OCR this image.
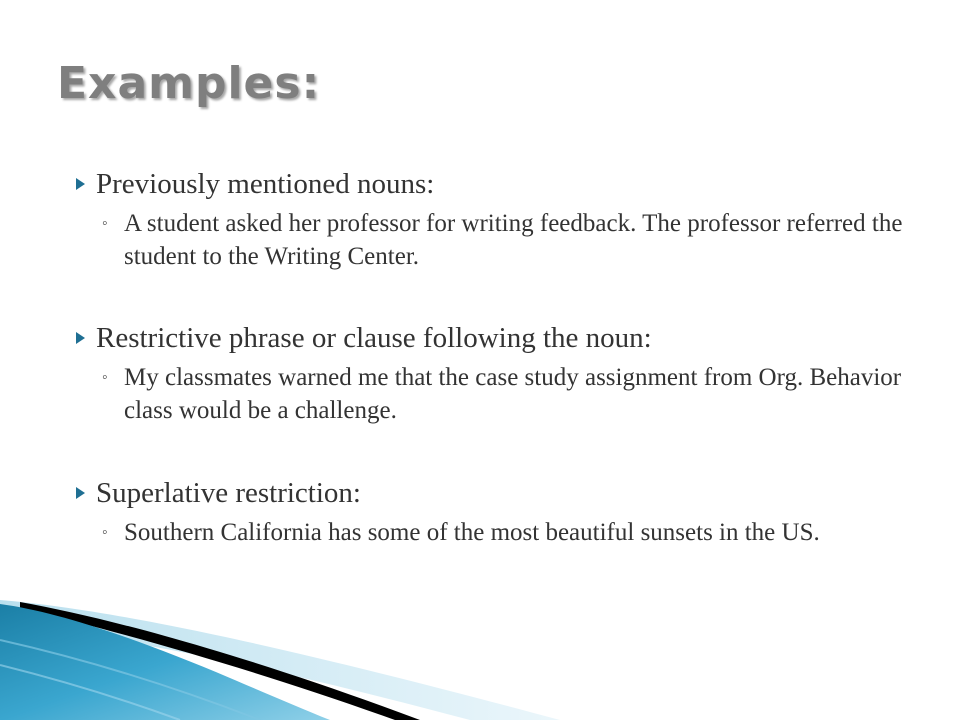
Examples:
Previously mentioned nouns:
◦ A student asked her professor for writing feedback. The professor referred the student to the Writing Center.
Restrictive phrase or clause following the noun:
◦ My classmates warned me that the case study assignment from Org. Behavior class would be a challenge.
Superlative restriction:
◦ Southern California has some of the most beautiful sunsets in the US.
